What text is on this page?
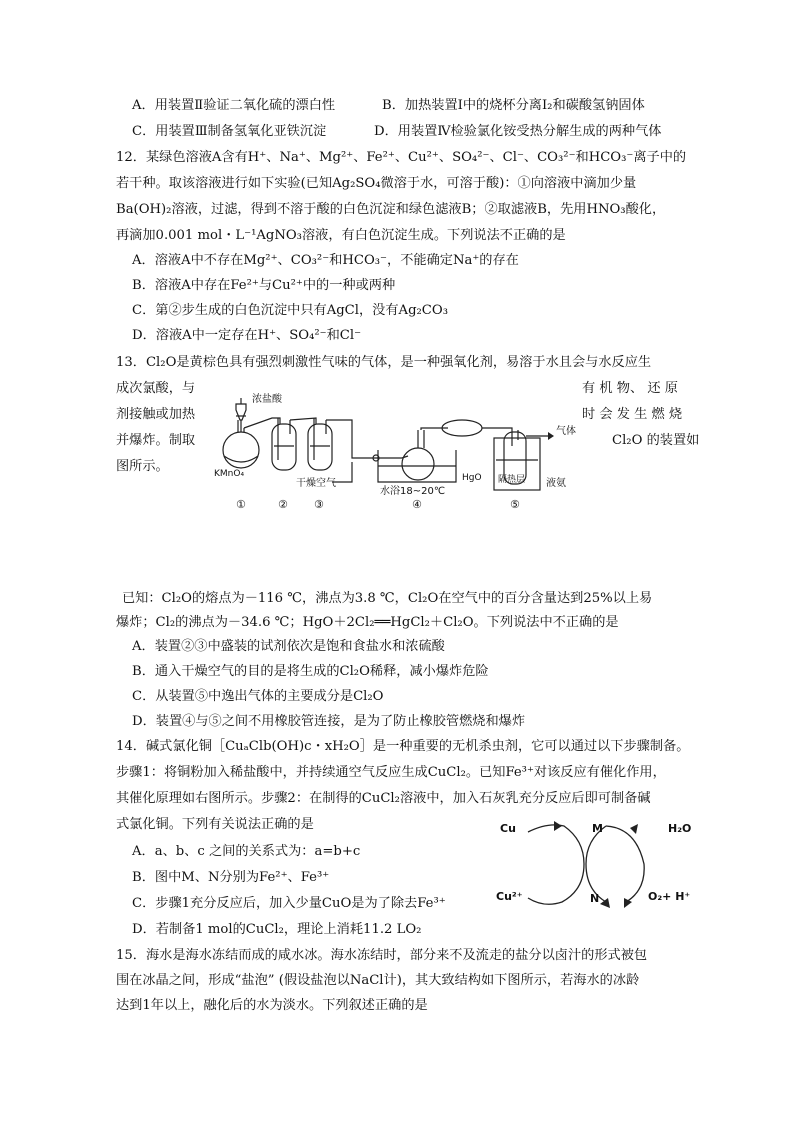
A．用装置Ⅱ验证二氧化硫的漂白性	B．加热装置Ⅰ中的烧杯分离I₂和碳酸氢钠固体
C．用装置Ⅲ制备氢氧化亚铁沉淀	D．用装置Ⅳ检验氯化铵受热分解生成的两种气体
12．某绿色溶液A含有H⁺、Na⁺、Mg²⁺、Fe²⁺、Cu²⁺、SO₄²⁻、Cl⁻、CO₃²⁻和HCO₃⁻离子中的
若干种。取该溶液进行如下实验(已知Ag₂SO₄微溶于水，可溶于酸)：①向溶液中滴加少量
Ba(OH)₂溶液，过滤，得到不溶于酸的白色沉淀和绿色滤液B；②取滤液B，先用HNO₃酸化，
再滴加0.001 mol・L⁻¹AgNO₃溶液，有白色沉淀生成。下列说法不正确的是
A．溶液A中不存在Mg²⁺、CO₃²⁻和HCO₃⁻，不能确定Na⁺的存在
B．溶液A中存在Fe²⁺与Cu²⁺中的一种或两种
C．第②步生成的白色沉淀中只有AgCl，没有Ag₂CO₃
D．溶液A中一定存在H⁺、SO₄²⁻和Cl⁻
13．Cl₂O是黄棕色具有强烈刺激性气味的气体，是一种强氧化剂，易溶于水且会与水反应生
成次氯酸，与
剂接触或加热
并爆炸。制取
图所示。
有 机 物、 还 原
时 会 发 生 燃 烧
Cl₂O 的装置如
浓盐酸
KMnO₄
干燥空气
水浴18~20℃
HgO 隔热层 液氨
气体
①	② ③	④	⑤
已知：Cl₂O的熔点为－116 ℃，沸点为3.8 ℃，Cl₂O在空气中的百分含量达到25%以上易
爆炸；Cl₂的沸点为－34.6 ℃；HgO＋2Cl₂══HgCl₂＋Cl₂O。下列说法中不正确的是
A．装置②③中盛装的试剂依次是饱和食盐水和浓硫酸
B．通入干燥空气的目的是将生成的Cl₂O稀释，减小爆炸危险
C．从装置⑤中逸出气体的主要成分是Cl₂O
D．装置④与⑤之间不用橡胶管连接，是为了防止橡胶管燃烧和爆炸
14．碱式氯化铜［CuₐClb(OH)c・xH₂O］是一种重要的无机杀虫剂，它可以通过以下步骤制备。
步骤1：将铜粉加入稀盐酸中，并持续通空气反应生成CuCl₂。已知Fe³⁺对该反应有催化作用，
其催化原理如右图所示。步骤2：在制得的CuCl₂溶液中，加入石灰乳充分反应后即可制备碱
式氯化铜。下列有关说法正确的是
A．a、b、c 之间的关系式为：a=b+c
B．图中M、N分别为Fe²⁺、Fe³⁺
C．步骤1充分反应后，加入少量CuO是为了除去Fe³⁺
D．若制备1 mol的CuCl₂，理论上消耗11.2 LO₂
Cu	M	H₂O
Cu²⁺	N	O₂+ H⁺
15．海水是海水冻结而成的咸水冰。海水冻结时，部分来不及流走的盐分以卤汁的形式被包
围在冰晶之间，形成“盐泡” (假设盐泡以NaCl计)，其大致结构如下图所示，若海水的冰龄
达到1年以上，融化后的水为淡水。下列叙述正确的是
